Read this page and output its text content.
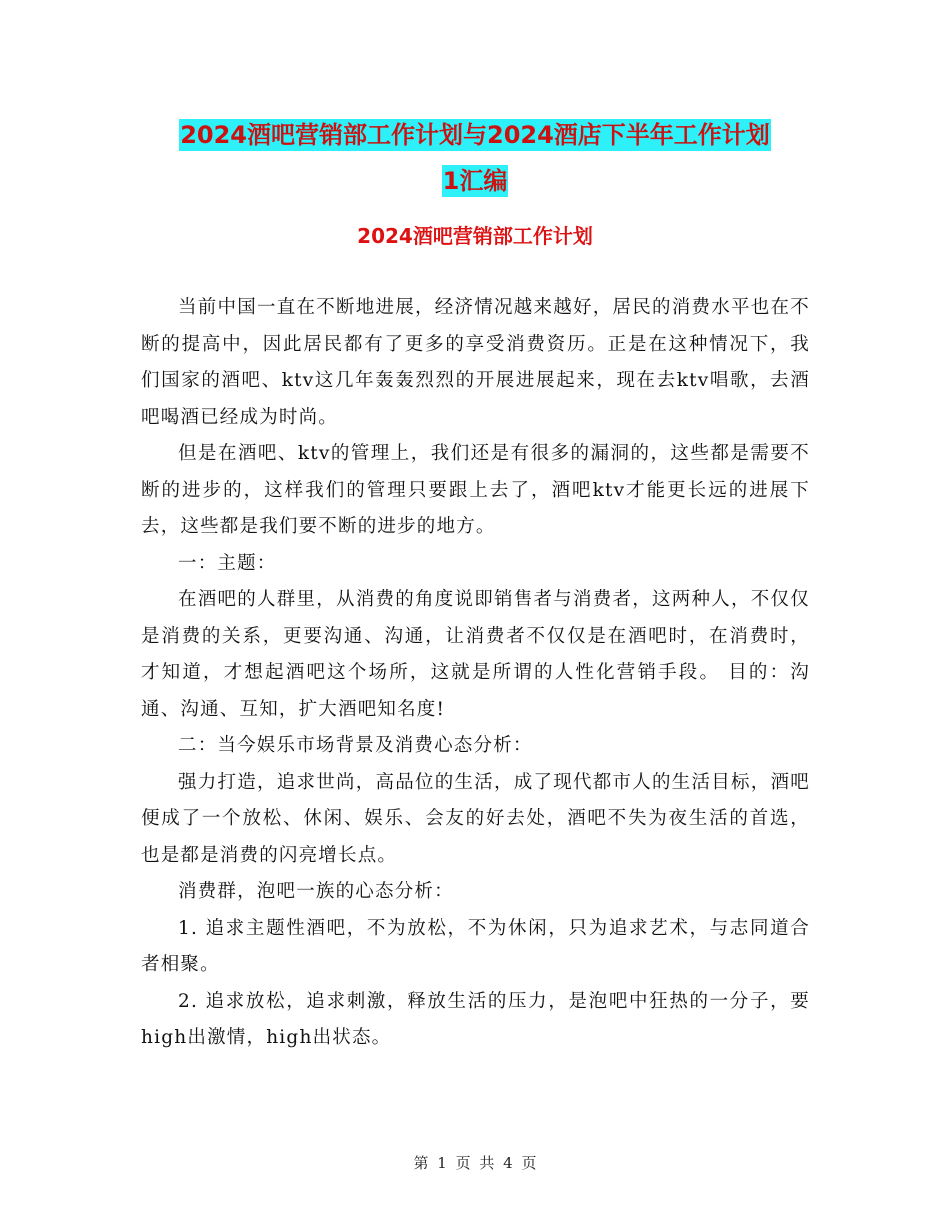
2024酒吧营销部工作计划与2024酒店下半年工作计划
1汇编
2024酒吧营销部工作计划

当前中国一直在不断地进展，经济情况越来越好，居民的消费水平也在不断的提高中，因此居民都有了更多的享受消费资历。正是在这种情况下，我们国家的酒吧、ktv这几年轰轰烈烈的开展进展起来，现在去ktv唱歌，去酒吧喝酒已经成为时尚。

但是在酒吧、ktv的管理上，我们还是有很多的漏洞的，这些都是需要不断的进步的，这样我们的管理只要跟上去了，酒吧ktv才能更长远的进展下去，这些都是我们要不断的进步的地方。

一：主题：

在酒吧的人群里，从消费的角度说即销售者与消费者，这两种人，不仅仅是消费的关系，更要沟通、沟通，让消费者不仅仅是在酒吧时，在消费时，才知道，才想起酒吧这个场所，这就是所谓的人性化营销手段。 目的：沟通、沟通、互知，扩大酒吧知名度!

二：当今娱乐市场背景及消费心态分析：

强力打造，追求世尚，高品位的生活，成了现代都市人的生活目标，酒吧便成了一个放松、休闲、娱乐、会友的好去处，酒吧不失为夜生活的首选，也是都是消费的闪亮增长点。

消费群，泡吧一族的心态分析：

1. 追求主题性酒吧，不为放松，不为休闲，只为追求艺术，与志同道合者相聚。

2. 追求放松，追求刺激，释放生活的压力，是泡吧中狂热的一分子，要high出激情，high出状态。

第 1 页 共 4 页
